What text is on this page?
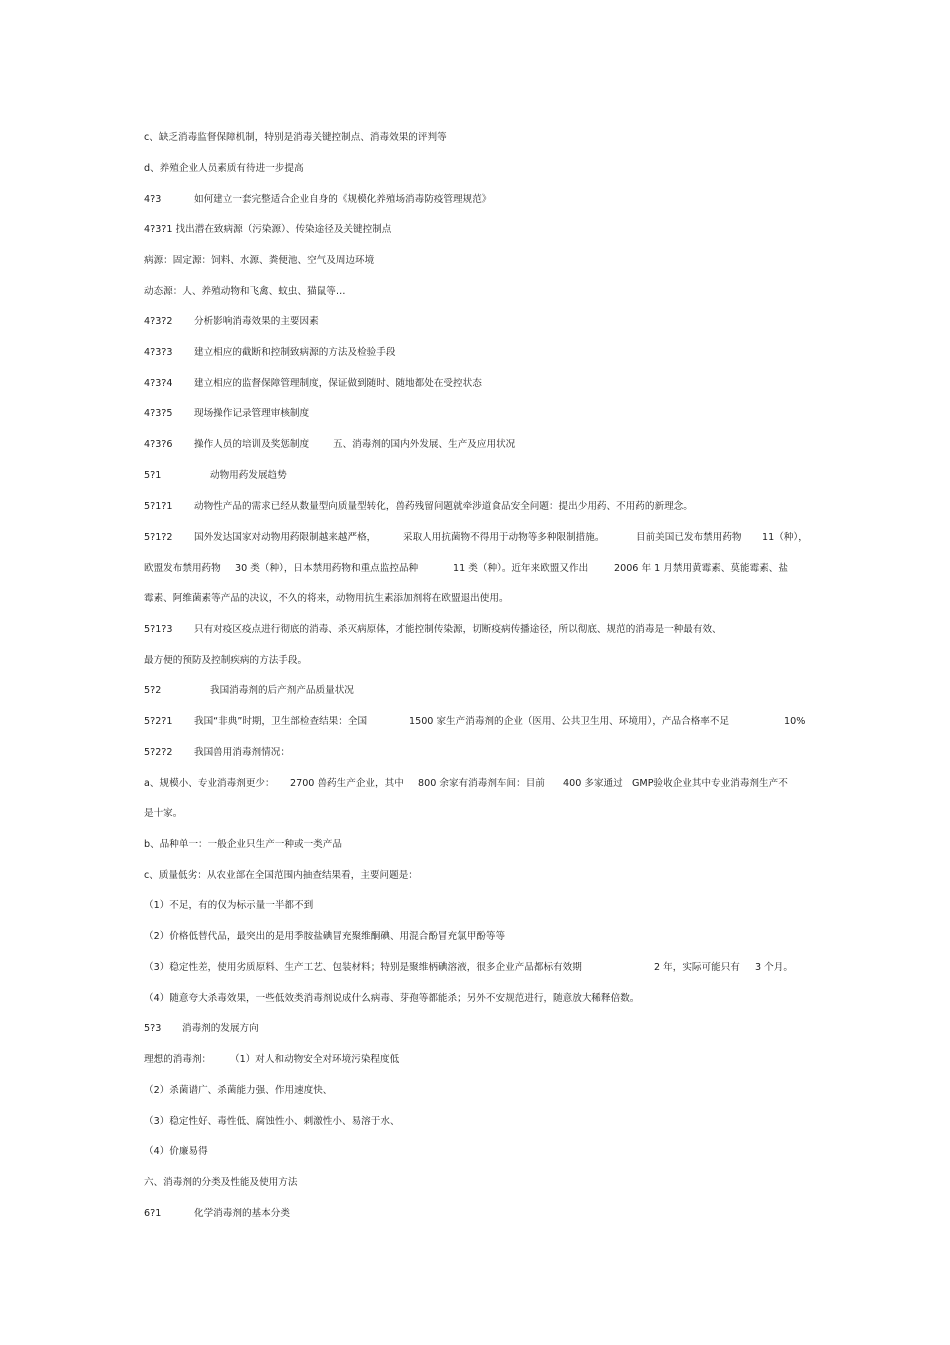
c、缺乏消毒监督保障机制，特别是消毒关键控制点、消毒效果的评判等
d、养殖企业人员素质有待进一步提高
4?3	如何建立一套完整适合企业自身的《规模化养殖场消毒防疫管理规范》
4?3?1 找出潜在致病源（污染源）、传染途径及关键控制点
病源：固定源：饲料、水源、粪便池、空气及周边环境
动态源：人、养殖动物和飞禽、蚊虫、猫鼠等…
4?3?2 分析影响消毒效果的主要因素
4?3?3 建立相应的截断和控制致病源的方法及检验手段
4?3?4 建立相应的监督保障管理制度，保证做到随时、随地都处在受控状态
4?3?5 现场操作记录管理审核制度
4?3?6 操作人员的培训及奖惩制度 五、消毒剂的国内外发展、生产及应用状况
5?1	动物用药发展趋势
5?1?1 动物性产品的需求已经从数量型向质量型转化，兽药残留问题就牵涉道食品安全问题：提出少用药、不用药的新理念。
5?1?2 国外发达国家对动物用药限制越来越严格，	采取人用抗菌物不得用于动物等多种限制措施。	目前美国已发布禁用药物 11（种），
欧盟发布禁用药物 30 类（种），日本禁用药物和重点监控品种	11 类（种）。近年来欧盟又作出	2006 年 1 月禁用黄霉素、莫能霉素、盐
霉素、阿维菌素等产品的决议，不久的将来，动物用抗生素添加剂将在欧盟退出使用。
5?1?3 只有对疫区疫点进行彻底的消毒、杀灭病原体，才能控制传染源，切断疫病传播途径，所以彻底、规范的消毒是一种最有效、
最方便的预防及控制疾病的方法手段。
5?2	我国消毒剂的后产剂产品质量状况
5?2?1 我国“非典”时期，卫生部检查结果：全国	1500 家生产消毒剂的企业（医用、公共卫生用、环境用），产品合格率不足	10%
5?2?2 我国兽用消毒剂情况：
a、规模小、专业消毒剂更少： 2700 兽药生产企业，其中 800 余家有消毒剂车间：目前 400 多家通过 GMP验收企业其中专业消毒剂生产不
是十家。
b、品种单一：一般企业只生产一种或一类产品
c、质量低劣：从农业部在全国范围内抽查结果看，主要问题是：
（1）不足，有的仅为标示量一半都不到
（2）价格低替代品，最突出的是用季胺盐碘冒充聚维酮碘、用混合酚冒充氯甲酚等等
（3）稳定性差，使用劣质原料、生产工艺、包装材料；特别是聚维柄碘溶液，很多企业产品都标有效期	2 年，实际可能只有 3 个月。
（4）随意夸大杀毒效果，一些低效类消毒剂说成什么病毒、芽孢等都能杀；另外不安规范进行，随意放大稀释倍数。
5?3 消毒剂的发展方向
理想的消毒剂： （1）对人和动物安全对环境污染程度低
（2）杀菌谱广、杀菌能力强、作用速度快、
（3）稳定性好、毒性低、腐蚀性小、刺激性小、易溶于水、
（4）价廉易得
六、消毒剂的分类及性能及使用方法
6?1	化学消毒剂的基本分类
